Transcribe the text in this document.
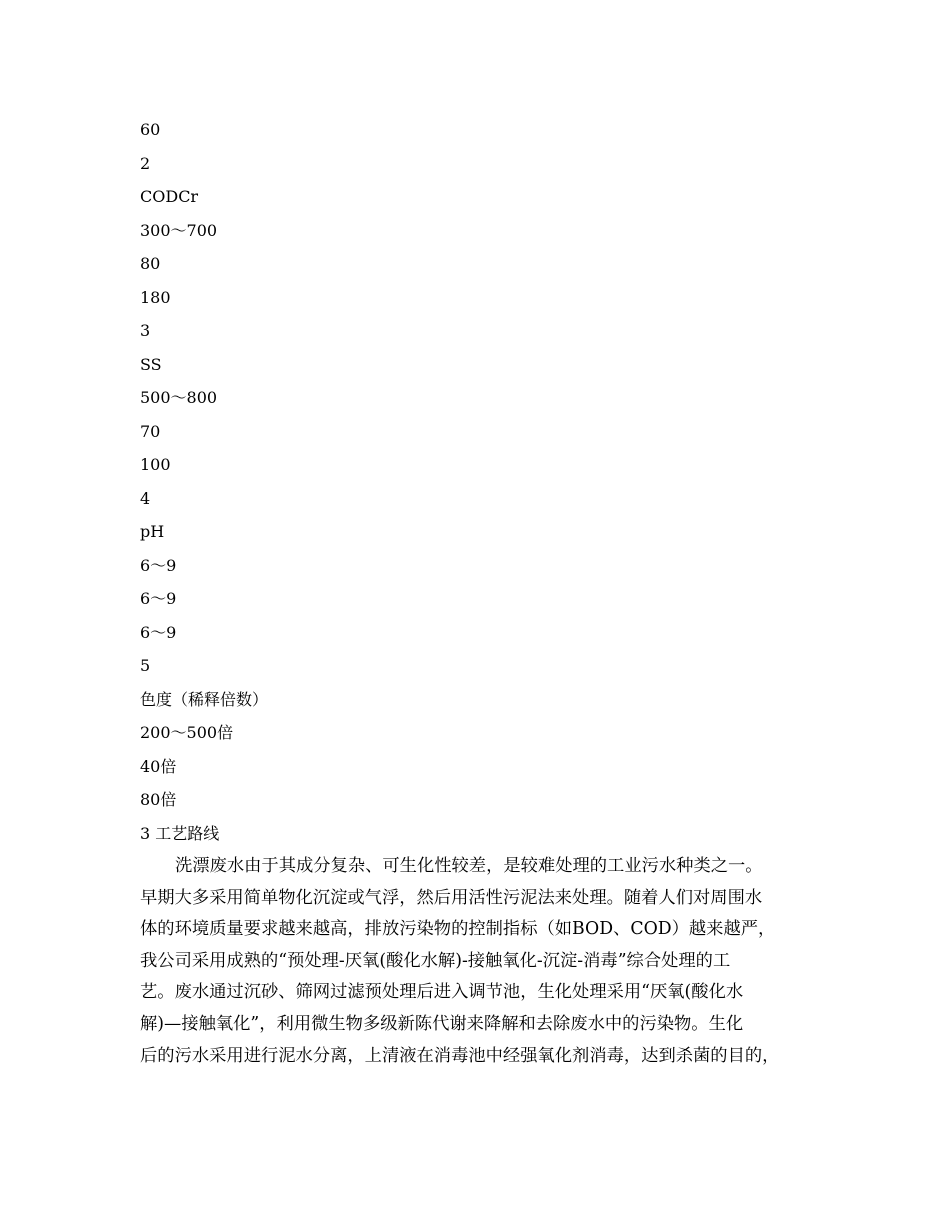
60
2
CODCr
300～700
80
180
3
SS
500～800
70
100
4
pH
6～9
6～9
6～9
5
色度（稀释倍数）
200～500倍
40倍
80倍
3 工艺路线
洗漂废水由于其成分复杂、可生化性较差，是较难处理的工业污水种类之一。
早期大多采用简单物化沉淀或气浮，然后用活性污泥法来处理。随着人们对周围水
体的环境质量要求越来越高，排放污染物的控制指标（如BOD、COD）越来越严，
我公司采用成熟的“预处理-厌氧(酸化水解)-接触氧化-沉淀-消毒”综合处理的工
艺。废水通过沉砂、筛网过滤预处理后进入调节池，生化处理采用“厌氧(酸化水
解)—接触氧化”，利用微生物多级新陈代谢来降解和去除废水中的污染物。生化
后的污水采用进行泥水分离，上清液在消毒池中经强氧化剂消毒，达到杀菌的目的，
